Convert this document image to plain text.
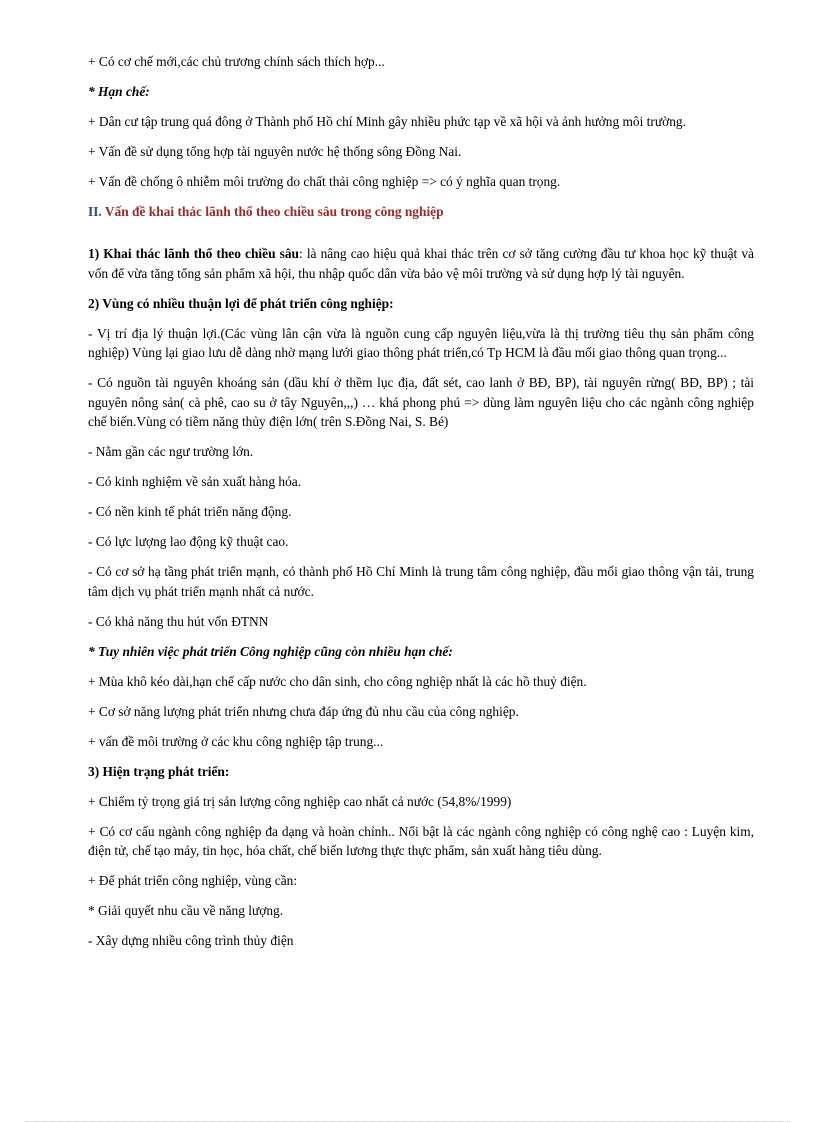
+ Có cơ chế mới,các chủ trương chính sách thích hợp...

* Hạn chế:

+ Dân cư tập trung quá đông ở Thành phố Hồ chí Minh gây nhiều phức tạp về xã hội và ảnh hưởng môi trường.

+ Vấn đề sử dụng tổng hợp tài nguyên nước hệ thống sông Đồng Nai.

+ Vấn đề chống ô nhiễm môi trường do chất thải công nghiệp => có ý nghĩa quan trọng.

II. Vấn đề khai thác lãnh thổ theo chiều sâu trong công nghiệp

1) Khai thác lãnh thổ theo chiều sâu: là nâng cao hiệu quả khai thác trên cơ sở tăng cường đầu tư khoa học kỹ thuật và vốn để vừa tăng tổng sản phẩm xã hội, thu nhập quốc dân vừa bảo vệ môi trường và sử dụng hợp lý tài nguyên.

2) Vùng có nhiều thuận lợi để phát triển công nghiệp:

- Vị trí địa lý thuận lợi.(Các vùng lân cận vừa là nguồn cung cấp nguyên liệu,vừa là thị trường tiêu thụ sản phẩm công nghiệp) Vùng lại giao lưu dễ dàng nhờ mạng lưới giao thông phát triển,có Tp HCM là đầu mối giao thông quan trọng...

- Có nguồn tài nguyên khoáng sản (dầu khí ở thềm lục địa, đất sét, cao lanh ở BĐ, BP), tài nguyên rừng( BĐ, BP) ; tài nguyên nông sản( cà phê, cao su ở tây Nguyên,,,) … khá phong phú => dùng làm nguyên liệu cho các ngành công nghiệp chế biến.Vùng có tiềm năng thủy điện lớn( trên S.Đồng Nai, S. Bé)

- Nằm gần các ngư trường lớn.

- Có kinh nghiệm về sản xuất hàng hóa.

- Có nền kinh tế phát triển năng động.

- Có lực lượng lao động kỹ thuật cao.

- Có cơ sở hạ tầng phát triển mạnh, có thành phố Hồ Chí Minh là trung tâm công nghiệp, đầu mối giao thông vận tải, trung tâm dịch vụ phát triển mạnh nhất cả nước.

- Có khả năng thu hút vốn ĐTNN

* Tuy nhiên việc phát triển Công nghiệp cũng còn nhiều hạn chế:

+ Mùa khô kéo dài,hạn chế cấp nước cho dân sinh, cho công nghiệp nhất là các hồ thuỷ điện.

+ Cơ sở năng lượng phát triển nhưng chưa đáp ứng đủ nhu cầu của công nghiệp.

+ vấn đề môi trường ở các khu công nghiệp tập trung...

3) Hiện trạng phát triển:

+ Chiếm tỷ trọng giá trị sản lượng công nghiệp cao nhất cả nước (54,8%/1999)

+ Có cơ cấu ngành công nghiệp đa dạng và hoàn chỉnh.. Nổi bật là các ngành công nghiệp có công nghệ cao : Luyện kim, điện tử, chế tạo máy, tin học, hóa chất, chế biến lương thực thực phẩm, sản xuất hàng tiêu dùng.

+ Để phát triển công nghiệp, vùng cần:

* Giải quyết nhu cầu về năng lượng.

- Xây dựng nhiều công trình thủy điện
